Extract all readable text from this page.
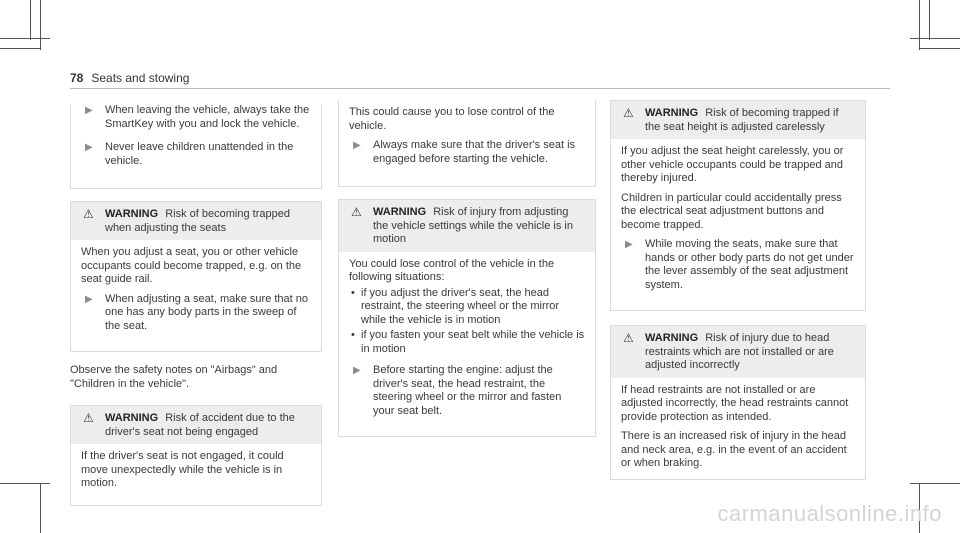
78 Seats and stowing
▶ When leaving the vehicle, always take the SmartKey with you and lock the vehicle.
▶ Never leave children unattended in the vehicle.
⚠ WARNING Risk of becoming trapped when adjusting the seats

When you adjust a seat, you or other vehicle occupants could become trapped, e.g. on the seat guide rail.

▶ When adjusting a seat, make sure that no one has any body parts in the sweep of the seat.

Observe the safety notes on "Airbags" and "Children in the vehicle".

⚠ WARNING Risk of accident due to the driver's seat not being engaged

If the driver's seat is not engaged, it could move unexpectedly while the vehicle is in motion.

This could cause you to lose control of the vehicle.

▶ Always make sure that the driver's seat is engaged before starting the vehicle.
⚠ WARNING Risk of injury from adjusting the vehicle settings while the vehicle is in motion

You could lose control of the vehicle in the following situations:

• if you adjust the driver's seat, the head restraint, the steering wheel or the mirror while the vehicle is in motion
• if you fasten your seat belt while the vehicle is in motion
▶ Before starting the engine: adjust the driver's seat, the head restraint, the steering wheel or the mirror and fasten your seat belt.
⚠ WARNING Risk of becoming trapped if the seat height is adjusted carelessly

If you adjust the seat height carelessly, you or other vehicle occupants could be trapped and thereby injured.

Children in particular could accidentally press the electrical seat adjustment buttons and become trapped.

▶ While moving the seats, make sure that hands or other body parts do not get under the lever assembly of the seat adjustment system.
⚠ WARNING Risk of injury due to head restraints which are not installed or are adjusted incorrectly

If head restraints are not installed or are adjusted incorrectly, the head restraints cannot provide protection as intended.

There is an increased risk of injury in the head and neck area, e.g. in the event of an accident or when braking.

carmanualsonline.info
